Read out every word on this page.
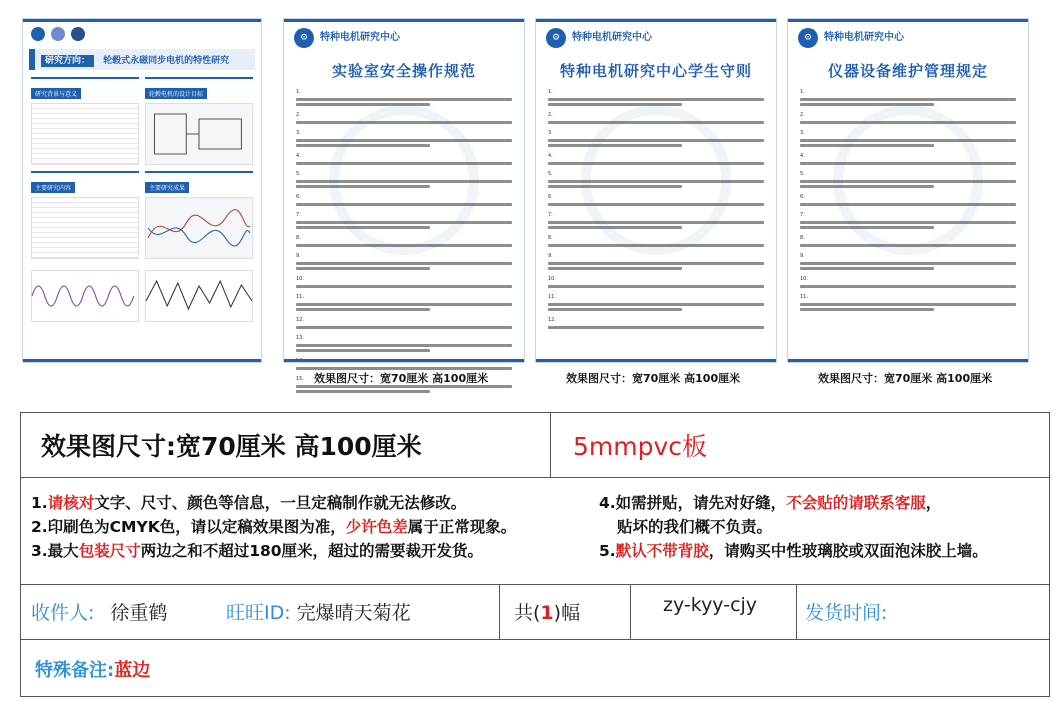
研究方向： 轮毂式永磁同步电机的特性研究
研究背景与意义	轮毂电机的设计目标
主要研究内容	主要研究成果
⚙	特种电机研究中心
实验室安全操作规范
1.
2.
3.
4.
5.
6.
7.
8.
9.
10.
11.
12.
13.
15.
⚙	特种电机研究中心
特种电机研究中心学生守则
1.
2.
3.
4.
5.
6.
7.
8.
9.
10.
11.
12.
⚙	特种电机研究中心
仪器设备维护管理规定
1.
2.
3.
4.
5.
6.
7.
8.
9.
10.
11.
效果图尺寸：宽70厘米 高100厘米	效果图尺寸：宽70厘米 高100厘米	效果图尺寸：宽70厘米 高100厘米
效果图尺寸:宽70厘米 高100厘米	5mmpvc板
1.请核对文字、尺寸、颜色等信息，一旦定稿制作就无法修改。
2.印刷色为CMYK色，请以定稿效果图为准，少许色差属于正常现象。
3.最大包装尺寸两边之和不超过180厘米，超过的需要裁开发货。
4.如需拼贴，请先对好缝，不会贴的请联系客服，
贴坏的我们概不负责。
5.默认不带背胶，请购买中性玻璃胶或双面泡沫胶上墙。
收件人: 徐重鹤	旺旺ID: 完爆晴天菊花	共(1)幅	zy-kyy-cjy	发货时间:
特殊备注: 蓝边
